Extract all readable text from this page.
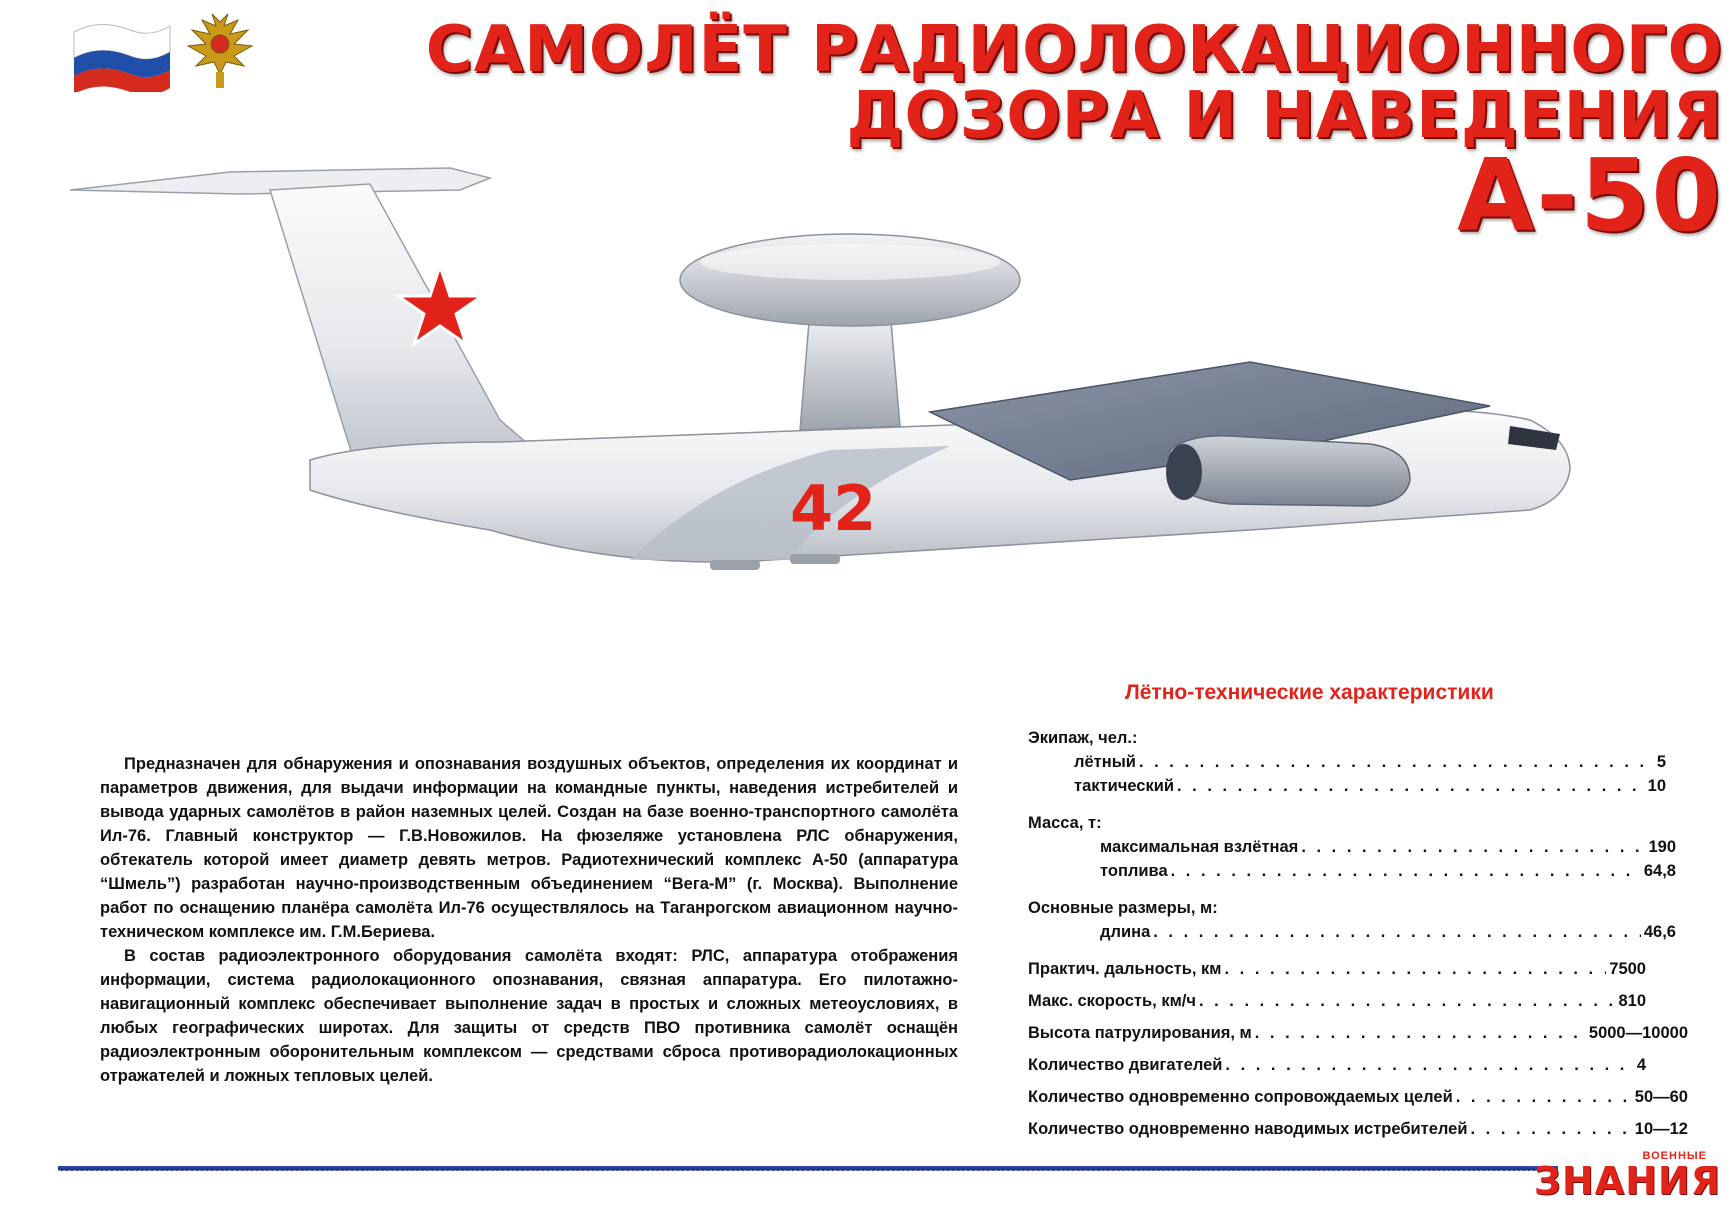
САМОЛЁТ РАДИОЛОКАЦИОННОГО
ДОЗОРА И НАВЕДЕНИЯ
А-50
42
Лётно-технические характеристики
Экипаж, чел.:
лётный . . .	5
тактический . . .	10
Масса, т:
максимальная взлётная . . .	190
топлива . . .	64,8
Основные размеры, м:
длина . . .	46,6
Практич. дальность, км . . .	7500
Макс. скорость, км/ч . . .	810
Высота патрулирования, м . . .	5000—10000
Количество двигателей . . .	4
Количество одновременно сопровождаемых целей . . .	50—60
Количество одновременно наводимых истребителей . . .	10—12

Предназначен для обнаружения и опознавания воздушных объектов, определения их координат и параметров движения, для выдачи информации на командные пункты, наведения истребителей и вывода ударных самолётов в район наземных целей. Создан на базе военно-транспортного самолёта Ил-76. Главный конструктор — Г.В.Новожилов. На фюзеляже установлена РЛС обнаружения, обтекатель которой имеет диаметр девять метров. Радиотехнический комплекс А-50 (аппаратура “Шмель”) разработан научно-производственным объединением “Вега-М” (г. Москва). Выполнение работ по оснащению планёра самолёта Ил-76 осуществлялось на Таганрогском авиационном научно-техническом комплексе им. Г.М.Бериева.

В состав радиоэлектронного оборудования самолёта входят: РЛС, аппаратура отображения информации, система радиолокационного опознавания, связная аппаратура. Его пилотажно-навигационный комплекс обеспечивает выполнение задач в простых и сложных метеоусловиях, в любых географических широтах. Для защиты от средств ПВО противника самолёт оснащён радиоэлектронным оборонительным комплексом — средствами сброса противорадиолокационных отражателей и ложных тепловых целей.

ВОЕННЫЕ
ЗНАНИЯ
